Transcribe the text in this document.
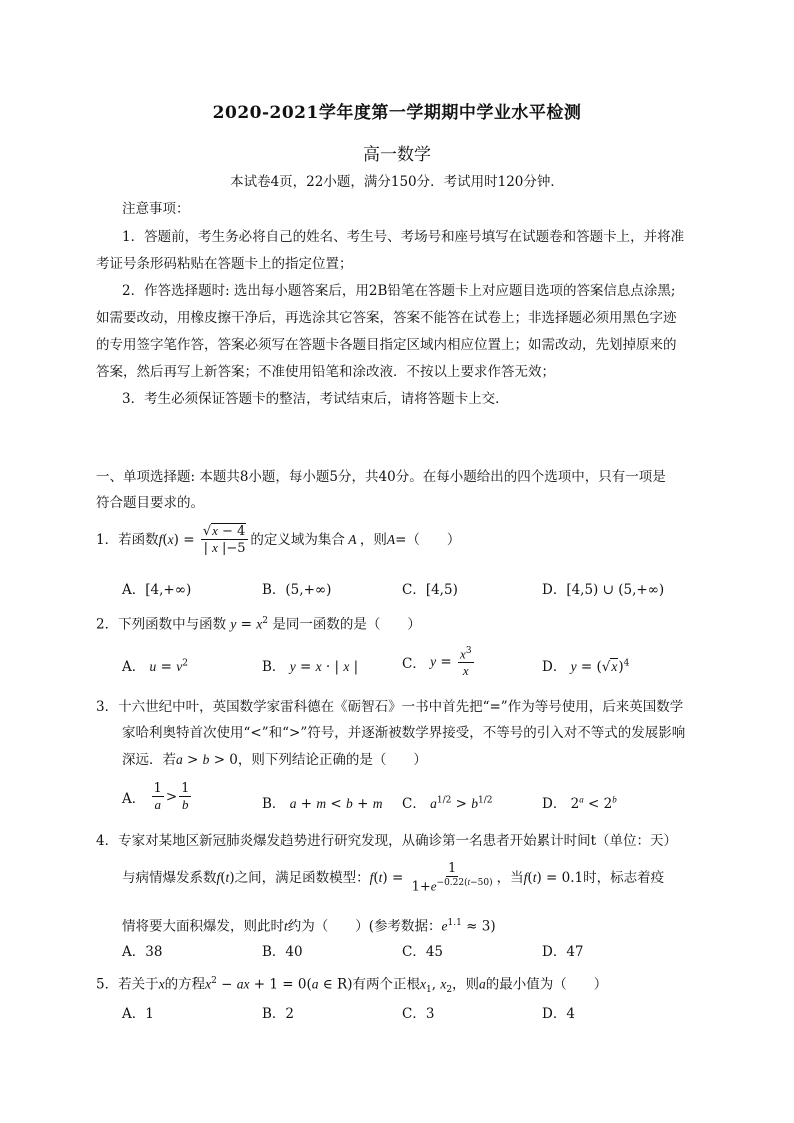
2020-2021学年度第一学期期中学业水平检测
高一数学
本试卷4页，22小题，满分150分．考试用时120分钟．
注意事项：
1．答题前，考生务必将自己的姓名、考生号、考场号和座号填写在试题卷和答题卡上，并将准
考证号条形码粘贴在答题卡上的指定位置；
2．作答选择题时: 选出每小题答案后，用2B铅笔在答题卡上对应题目选项的答案信息点涂黑;
如需要改动，用橡皮擦干净后，再选涂其它答案，答案不能答在试卷上；非选择题必须用黑色字迹
的专用签字笔作答，答案必须写在答题卡各题目指定区域内相应位置上；如需改动，先划掉原来的
答案，然后再写上新答案；不准使用铅笔和涂改液．不按以上要求作答无效；
3．考生必须保证答题卡的整洁，考试结束后，请将答题卡上交．
一、单项选择题: 本题共8小题，每小题5分，共40分。在每小题给出的四个选项中，只有一项是
符合题目要求的。
1．若函数 f ( x ) = $\frac{√x - 4}{| x |-5}$ 的定义域为集合 A ，则 A = （　　）
A．[4,+∞)	B．(5,+∞)	C．[4,5)	D．[4,5) ∪ (5,+∞)
2．下列函数中与函数 $y = x^2$ 是同一函数的是（　　）
A． $u = v^2$	B． y = x · | x |	C．
$y = \frac{x^3}{x}$	D． $y = (√x)^4$
3．十六世纪中叶，英国数学家雷科德在《砺智石》一书中首先把“=”作为等号使用，后来英国数学
家哈利奥特首次使用“<”和“>”符号，并逐渐被数学界接受，不等号的引入对不等式的发展影响
深远．若a > b > 0，则下列结论正确的是（　　）
A．
$\frac{1}{a} > \frac{1}{b}$	B． a + m < b + m C． $a^{1/2} > b^{1/2}$	D． $2^a < 2^b$
4．专家对某地区新冠肺炎爆发趋势进行研究发现，从确诊第一名患者开始累计时间t（单位：天）
与病情爆发系数 f ( t ) 之间，满足函数模型： f ( t ) = $\frac{1}{1+e^{-0.22(t-50)}}$ ，当 f ( t ) = 0.1 时，标志着疫
情将要大面积爆发，则此时t约为（　　）(参考数据：$e^{1.1} \approx 3$)
A．38	B．40	C．45	D．47
5．若关于x的方程$x^2$ − ax + 1 = 0(a ∈ R)有两个正根$x_1$, $x_2$，则a的最小值为（　　）
A．1	B．2	C．3	D．4
